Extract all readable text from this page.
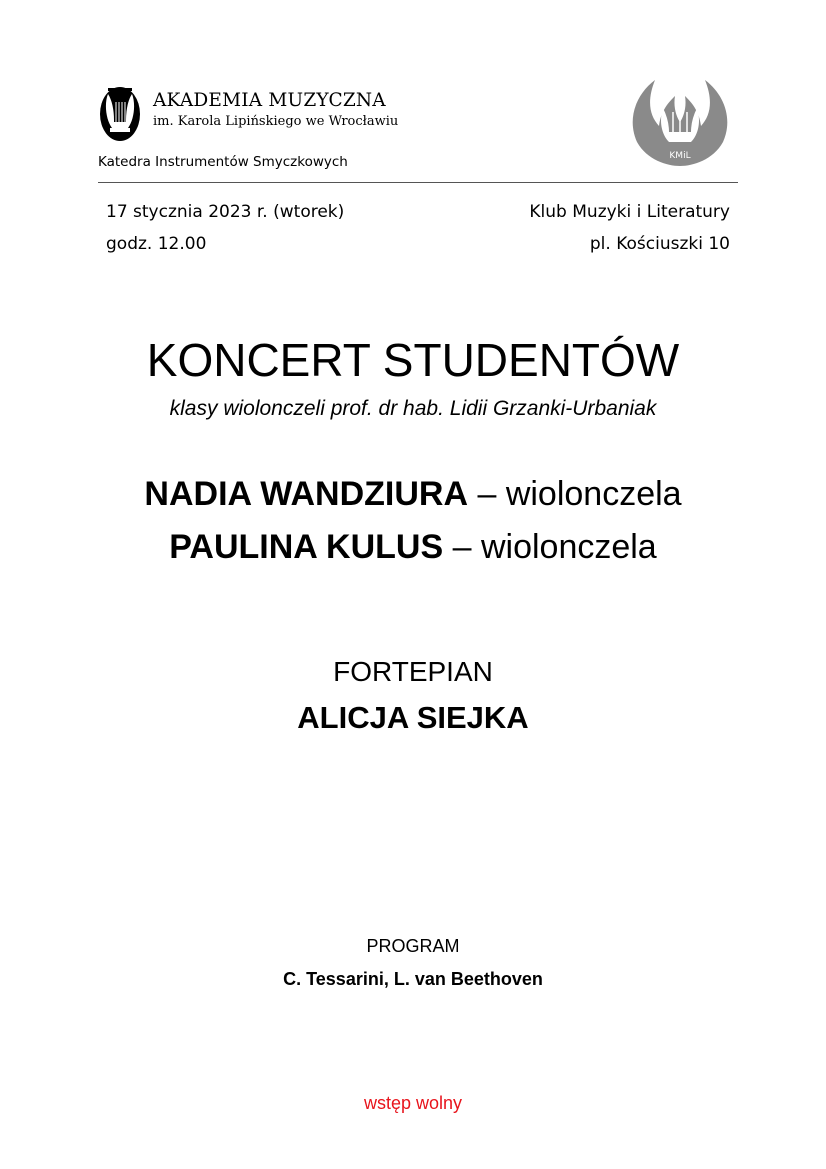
AKADEMIA MUZYCZNA
im. Karola Lipińskiego we Wrocławiu
Katedra Instrumentów Smyczkowych	KMiL
17 stycznia 2023 r. (wtorek)
godz. 12.00
Klub Muzyki i Literatury
pl. Kościuszki 10
KONCERT STUDENTÓW
klasy wiolonczeli prof. dr hab. Lidii Grzanki-Urbaniak
NADIA WANDZIURA – wiolonczela
PAULINA KULUS – wiolonczela
FORTEPIAN
ALICJA SIEJKA
PROGRAM
C. Tessarini, L. van Beethoven
wstęp wolny
